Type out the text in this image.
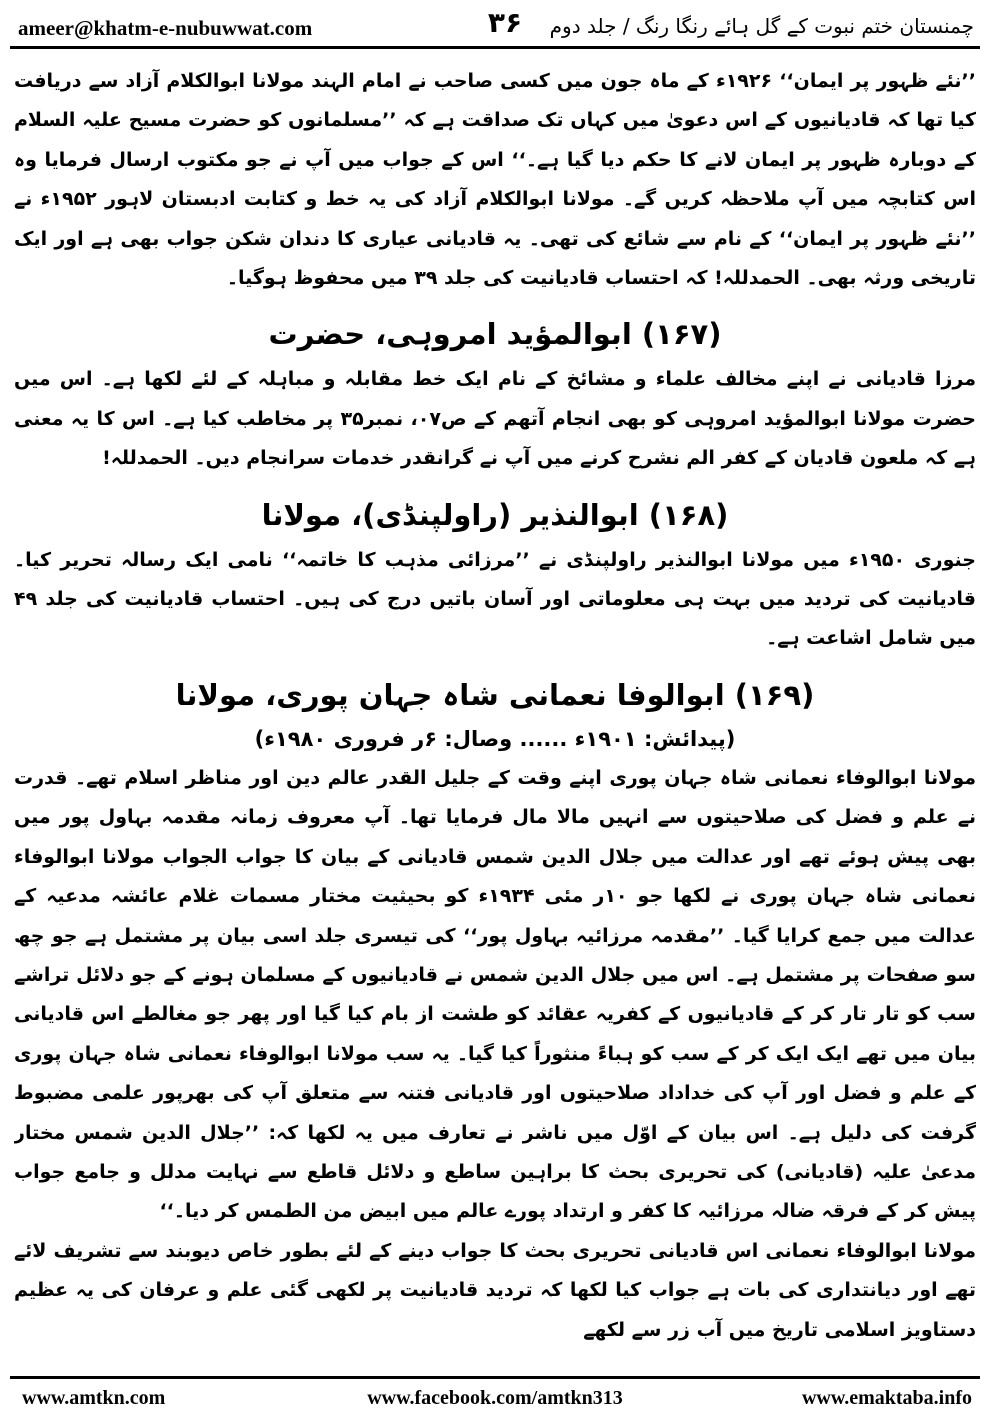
ameer@khatm-e-nubuwwat.com	۳۶	چمنستان ختم نبوت کے گل ہائے رنگا رنگ / جلد دوم

’’نئے ظہور پر ایمان‘‘ ۱۹۲۶ء کے ماہ جون میں کسی صاحب نے امام الہند مولانا ابوالکلام آزاد سے دریافت کیا تھا کہ قادیانیوں کے اس دعویٰ میں کہاں تک صداقت ہے کہ ’’مسلمانوں کو حضرت مسیح علیہ السلام کے دوبارہ ظہور پر ایمان لانے کا حکم دیا گیا ہے۔‘‘ اس کے جواب میں آپ نے جو مکتوب ارسال فرمایا وہ اس کتابچہ میں آپ ملاحظہ کریں گے۔ مولانا ابوالکلام آزاد کی یہ خط و کتابت ادبستان لاہور ۱۹۵۲ء نے ’’نئے ظہور پر ایمان‘‘ کے نام سے شائع کی تھی۔ یہ قادیانی عیاری کا دندان شکن جواب بھی ہے اور ایک تاریخی ورثہ بھی۔ الحمدللہ! کہ احتساب قادیانیت کی جلد ۳۹ میں محفوظ ہوگیا۔

(۱۶۷) ابوالمؤید امروہی، حضرت

مرزا قادیانی نے اپنے مخالف علماء و مشائخ کے نام ایک خط مقابلہ و مباہلہ کے لئے لکھا ہے۔ اس میں حضرت مولانا ابوالمؤید امروہی کو بھی انجام آتھم کے ص۰۷، نمبر۳۵ پر مخاطب کیا ہے۔ اس کا یہ معنی ہے کہ ملعون قادیان کے کفر الم نشرح کرنے میں آپ نے گرانقدر خدمات سرانجام دیں۔ الحمدللہ!

(۱۶۸) ابوالنذیر (راولپنڈی)، مولانا

جنوری ۱۹۵۰ء میں مولانا ابوالنذیر راولپنڈی نے ’’مرزائی مذہب کا خاتمہ‘‘ نامی ایک رسالہ تحریر کیا۔ قادیانیت کی تردید میں بہت ہی معلوماتی اور آسان باتیں درج کی ہیں۔ احتساب قادیانیت کی جلد ۴۹ میں شامل اشاعت ہے۔

(۱۶۹) ابوالوفا نعمانی شاہ جہان پوری، مولانا
(پیدائش: ۱۹۰۱ء ...... وصال: ۶ر فروری ۱۹۸۰ء)

مولانا ابوالوفاء نعمانی شاہ جہان پوری اپنے وقت کے جلیل القدر عالم دین اور مناظر اسلام تھے۔ قدرت نے علم و فضل کی صلاحیتوں سے انہیں مالا مال فرمایا تھا۔ آپ معروف زمانہ مقدمہ بہاول پور میں بھی پیش ہوئے تھے اور عدالت میں جلال الدین شمس قادیانی کے بیان کا جواب الجواب مولانا ابوالوفاء نعمانی شاہ جہان پوری نے لکھا جو ۱۰ر مئی ۱۹۳۴ء کو بحیثیت مختار مسمات غلام عائشہ مدعیہ کے عدالت میں جمع کرایا گیا۔ ’’مقدمہ مرزائیہ بہاول پور‘‘ کی تیسری جلد اسی بیان پر مشتمل ہے جو چھ سو صفحات پر مشتمل ہے۔ اس میں جلال الدین شمس نے قادیانیوں کے مسلمان ہونے کے جو دلائل تراشے سب کو تار تار کر کے قادیانیوں کے کفریہ عقائد کو طشت از بام کیا گیا اور پھر جو مغالطے اس قادیانی بیان میں تھے ایک ایک کر کے سب کو ہباءً منثوراً کیا گیا۔ یہ سب مولانا ابوالوفاء نعمانی شاہ جہان پوری کے علم و فضل اور آپ کی خداداد صلاحیتوں اور قادیانی فتنہ سے متعلق آپ کی بھرپور علمی مضبوط گرفت کی دلیل ہے۔ اس بیان کے اوّل میں ناشر نے تعارف میں یہ لکھا کہ: ’’جلال الدین شمس مختار مدعیٰ علیہ (قادیانی) کی تحریری بحث کا براہین ساطع و دلائل قاطع سے نہایت مدلل و جامع جواب پیش کر کے فرقہ ضالہ مرزائیہ کا کفر و ارتداد پورے عالم میں ابیض من الطمس کر دیا۔‘‘

مولانا ابوالوفاء نعمانی اس قادیانی تحریری بحث کا جواب دینے کے لئے بطور خاص دیوبند سے تشریف لائے تھے اور دیانتداری کی بات ہے جواب کیا لکھا کہ تردید قادیانیت پر لکھی گئی علم و عرفان کی یہ عظیم دستاویز اسلامی تاریخ میں آب زر سے لکھے

www.amtkn.com	www.facebook.com/amtkn313	www.emaktaba.info
